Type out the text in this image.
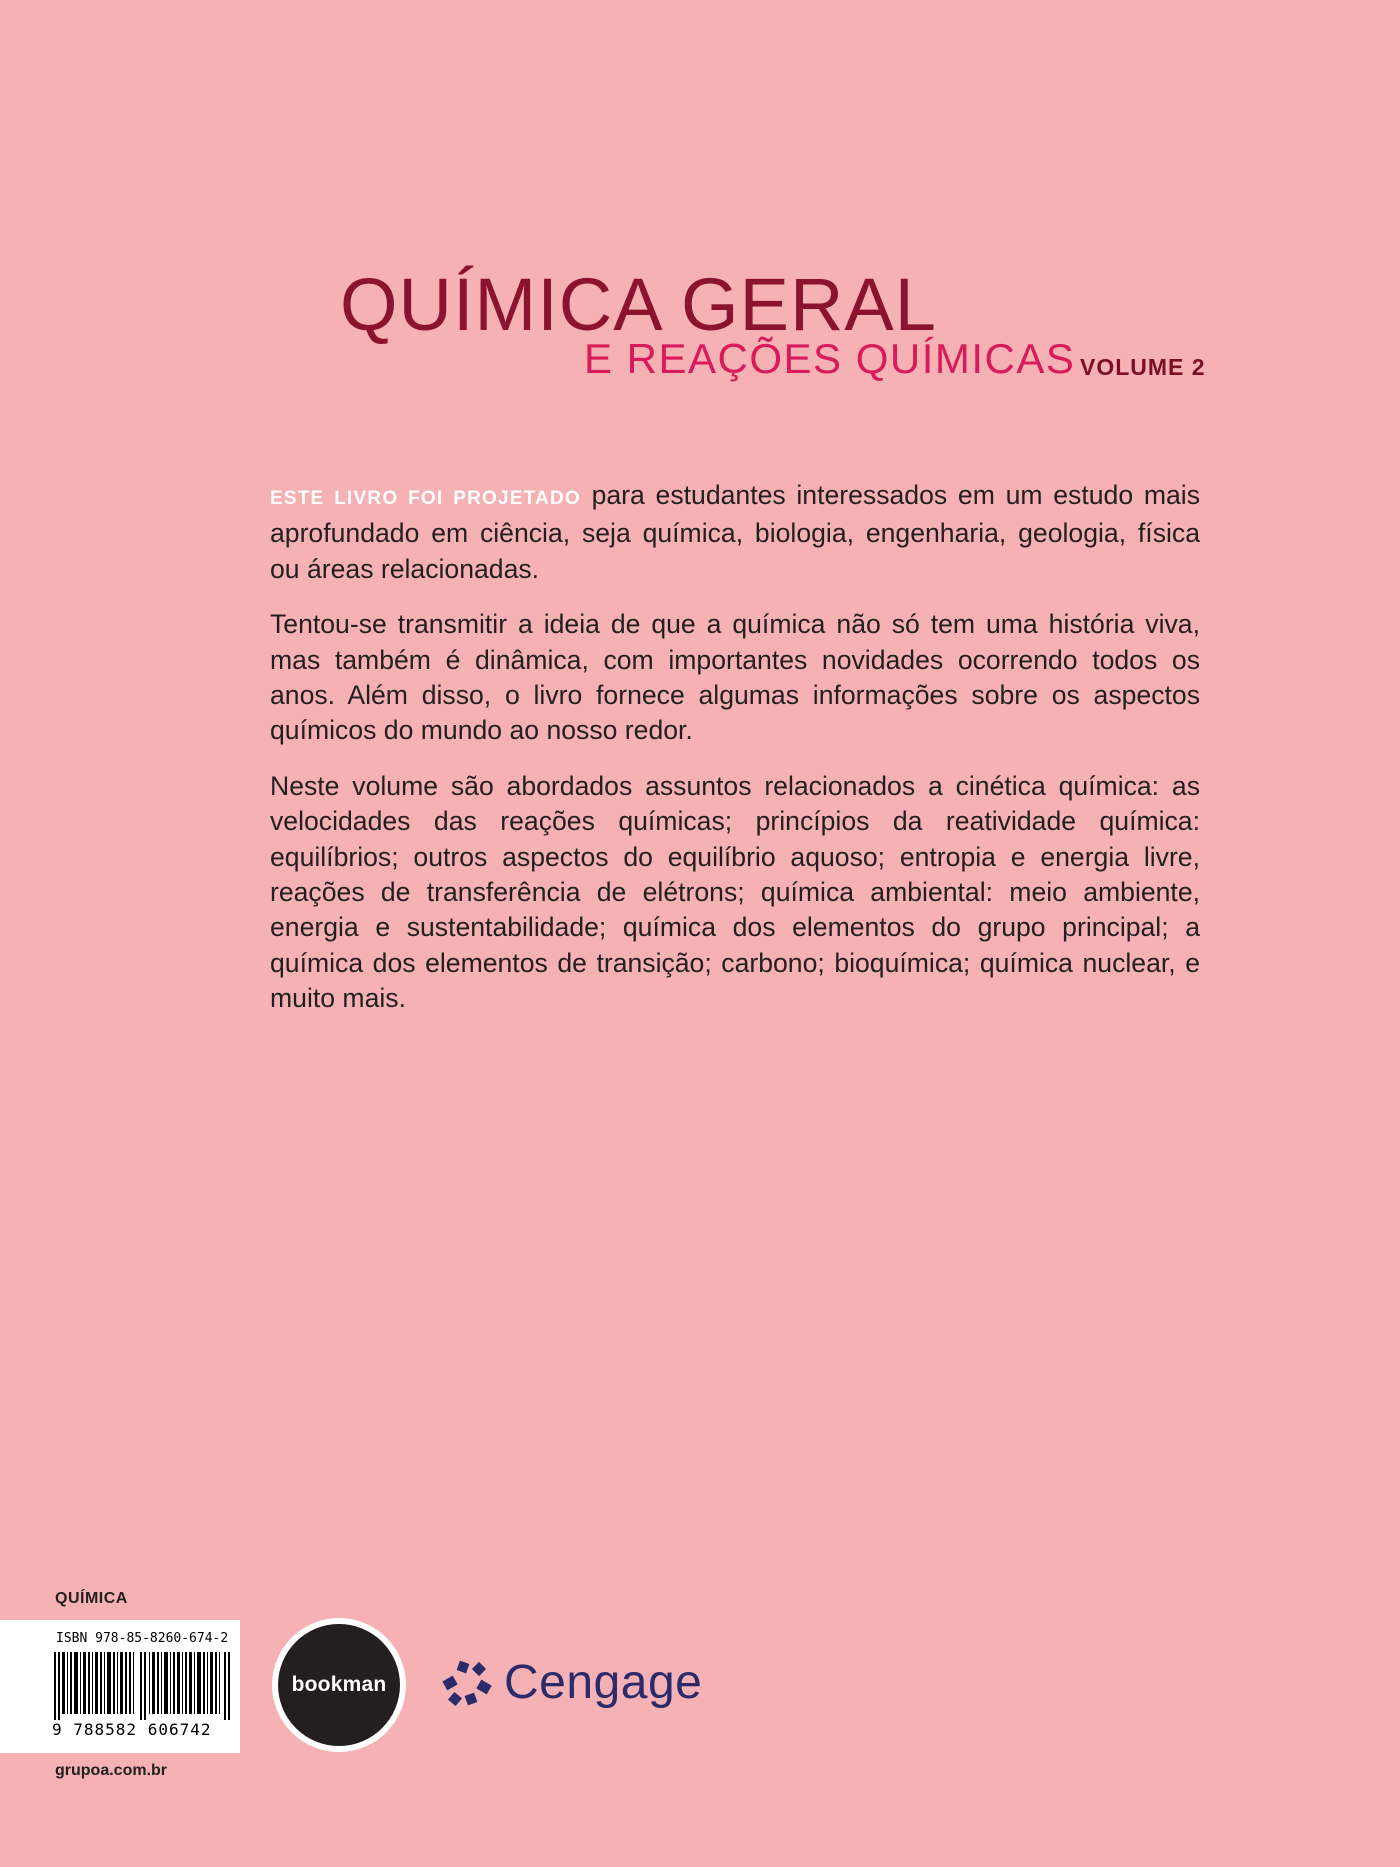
QUÍMICA GERAL
E REAÇÕES QUÍMICAS VOLUME 2

ESTE LIVRO FOI PROJETADO para estudantes interessados em um estudo mais aprofundado em ciência, seja química, biologia, engenharia, geologia, física ou áreas relacionadas.

Tentou-se transmitir a ideia de que a química não só tem uma história viva, mas também é dinâmica, com importantes novidades ocorrendo todos os anos. Além disso, o livro fornece algumas informações sobre os aspectos químicos do mundo ao nosso redor.

Neste volume são abordados assuntos relacionados a cinética química: as velocidades das reações químicas; princípios da reatividade química: equilíbrios; outros aspectos do equilíbrio aquoso; entropia e energia livre, reações de transferência de elétrons; química ambiental: meio ambiente, energia e sustentabilidade; química dos elementos do grupo principal; a química dos elementos de transição; carbono; bioquímica; química nuclear, e muito mais.

QUÍMICA
ISBN 978-85-8260-674-2
9 788582 606742
grupoa.com.br
bookman Cengage
